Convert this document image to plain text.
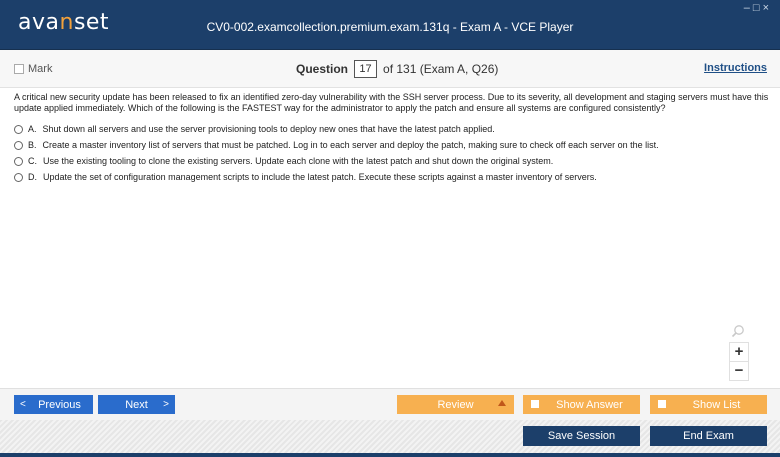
avanset	CV0-002.examcollection.premium.exam.131q - Exam A - VCE Player
–□×
Mark	Question	17 of 131 (Exam A, Q26)	Instructions
A critical new security update has been released to fix an identified zero-day vulnerability with the SSH server process. Due to its severity, all development and staging servers must have this update applied immediately. Which of the following is the FASTEST way for the administrator to apply the patch and ensure all systems are configured consistently?
A. Shut down all servers and use the server provisioning tools to deploy new ones that have the latest patch applied.
B. Create a master inventory list of servers that must be patched. Log in to each server and deploy the patch, making sure to check off each server on the list.
C. Use the existing tooling to clone the existing servers. Update each clone with the latest patch and shut down the original system.
D. Update the set of configuration management scripts to include the latest patch. Execute these scripts against a master inventory of servers.
+
−
< Previous	Next >	Review	Show Answer	Show List
Save Session	End Exam
